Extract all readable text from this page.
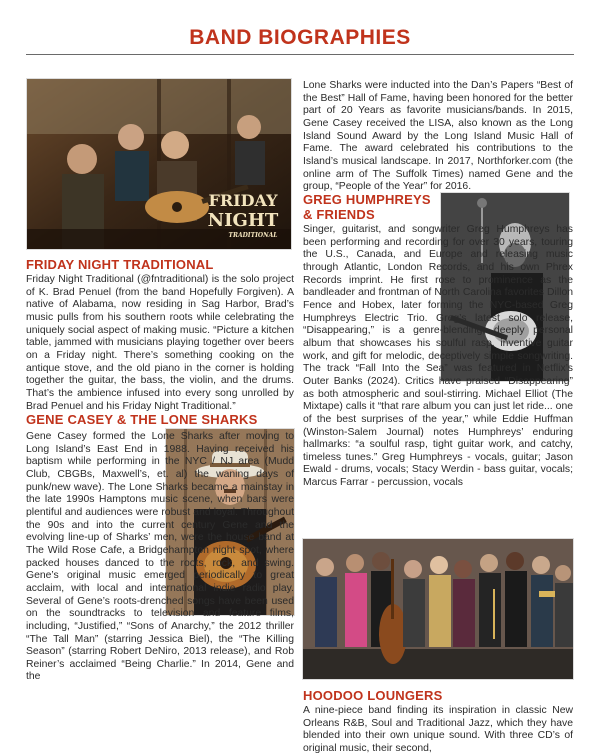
BAND BIOGRAPHIES
FRIDAY
NIGHT
TRADITIONAL
FRIDAY NIGHT TRADITIONAL

Friday Night Traditional (@fntraditional) is the solo project of K. Brad Penuel (from the band Hopefully Forgiven). A native of Alabama, now residing in Sag Harbor, Brad’s music pulls from his southern roots while celebrating the uniquely social aspect of making music. “Picture a kitchen table, jammed with musicians playing together over beers on a Friday night. There’s something cooking on the antique stove, and the old piano in the corner is holding together the guitar, the bass, the violin, and the drums. That’s the ambience infused into every song unrolled by Brad Penuel and his Friday Night Traditional.”

GENE CASEY & THE LONE SHARKS

Gene Casey formed the Lone Sharks after moving to Long Island’s East End in 1988. Having received his baptism while performing in the NYC / NJ area (Mudd Club, CBGBs, Maxwell’s, et. al) the waning days of punk/new wave). The Lone Sharks became a mainstay in the late 1990s Hamptons music scene, when bars were plentiful and audiences were robust and loyal. Throughout the 90s and into the current century Gene and the evolving line-up of Sharks’ men, were the house band at The Wild Rose Cafe, a Bridgehampton night spot, where packed houses danced to the roots, rock, and swing. Gene’s original music emerged periodically to great acclaim, with local and international indie radio play. Several of Gene’s roots-drenched songs have been used on the soundtracks to television and feature films, including, “Justified,” “Sons of Anarchy,” the 2012 thriller “The Tall Man” (starring Jessica Biel), the “The Killing Season” (starring Robert DeNiro, 2013 release), and Rob Reiner’s acclaimed “Being Charlie.” In 2014, Gene and the

Lone Sharks were inducted into the Dan’s Papers “Best of the Best” Hall of Fame, having been honored for the better part of 20 Years as favorite musicians/bands. In 2015, Gene Casey received the LISA, also known as the Long Island Sound Award by the Long Island Music Hall of Fame. The award celebrated his contributions to the Island’s musical landscape. In 2017, Northforker.com (the online arm of The Suffolk Times) named Gene and the group, “People of the Year” for 2016.

GREG HUMPHREYS
& FRIENDS

Singer, guitarist, and songwriter Greg Humphreys has been performing and recording for over 30 years, touring the U.S., Canada, and Europe and releasing music through Atlantic, London Records, and his own Phrex Records imprint. He first rose to prominence as the bandleader and frontman of North Carolina favorites Dillon Fence and Hobex, later forming the NYC-based Greg Humphreys Electric Trio. Greg’s latest solo release, “Disappearing,” is a genre-blending, deeply personal album that showcases his soulful rasp, inventive guitar work, and gift for melodic, deceptively simple songwriting. The track “Fall Into the Sea” was featured in Netflix’s Outer Banks (2024). Critics have praised “Disappearing” as both atmospheric and soul-stirring. Michael Elliot (The Mixtape) calls it “that rare album you can just let ride... one of the best surprises of the year,” while Eddie Huffman (Winston-Salem Journal) notes Humphreys’ enduring hallmarks: “a soulful rasp, tight guitar work, and catchy, timeless tunes.” Greg Humphreys - vocals, guitar; Jason Ewald - drums, vocals; Stacy Werdin - bass guitar, vocals; Marcus Farrar - percussion, vocals

HOODOO LOUNGERS

A nine-piece band finding its inspiration in classic New Orleans R&B, Soul and Traditional Jazz, which they have blended into their own unique sound. With three CD’s of original music, their second,
